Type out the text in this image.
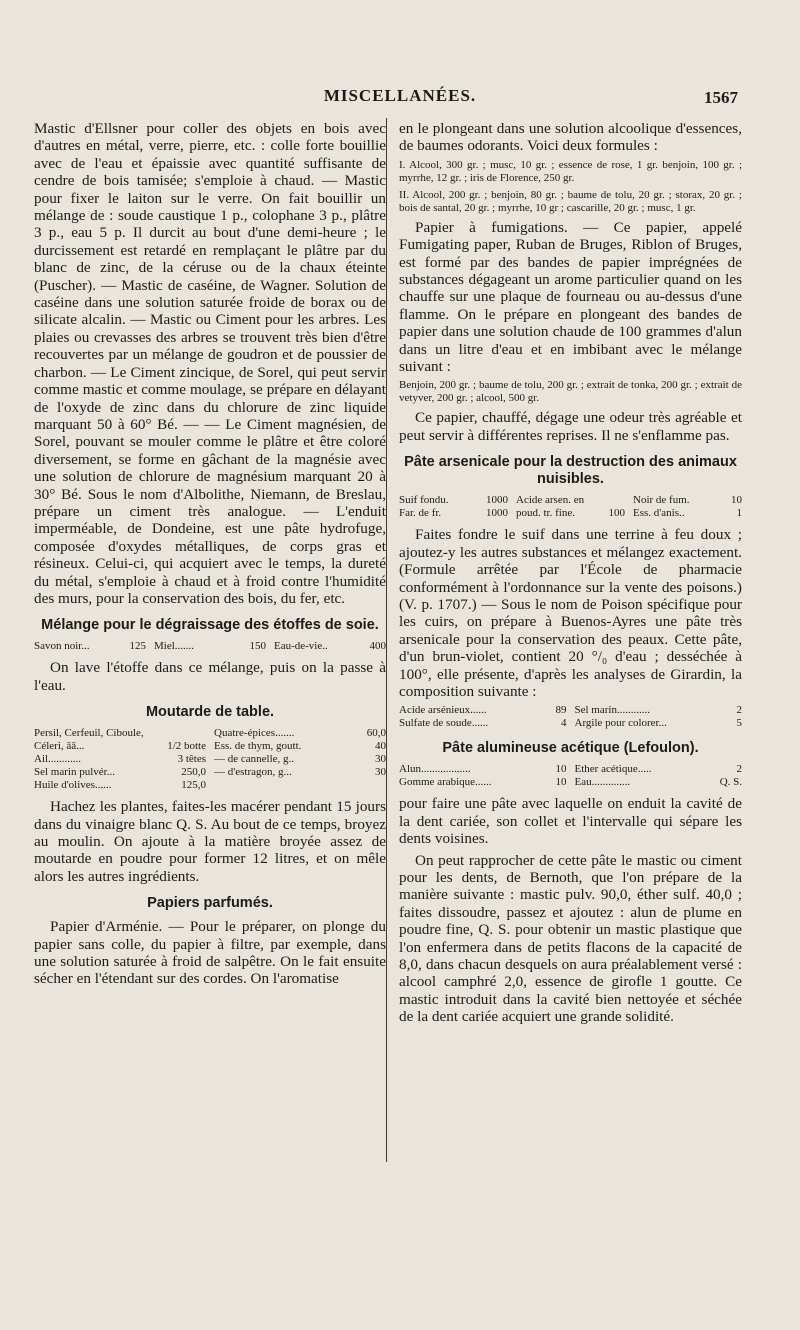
MISCELLANÉES.	1567

Mastic d'Ellsner pour coller des objets en bois avec d'autres en métal, verre, pierre, etc. : colle forte bouillie avec de l'eau et épaissie avec quantité suffisante de cendre de bois tamisée; s'emploie à chaud. — Mastic pour fixer le laiton sur le verre. On fait bouillir un mélange de : soude caustique 1 p., colophane 3 p., plâtre 3 p., eau 5 p. Il durcit au bout d'une demi-heure ; le durcissement est retardé en remplaçant le plâtre par du blanc de zinc, de la céruse ou de la chaux éteinte (Puscher). — Mastic de caséine, de Wagner. Solution de caséine dans une solution saturée froide de borax ou de silicate alcalin. — Mastic ou Ciment pour les arbres. Les plaies ou crevasses des arbres se trouvent très bien d'être recouvertes par un mélange de goudron et de poussier de charbon. — Le Ciment zincique, de Sorel, qui peut servir comme mastic et comme moulage, se prépare en délayant de l'oxyde de zinc dans du chlorure de zinc liquide marquant 50 à 60° Bé. — — Le Ciment magnésien, de Sorel, pouvant se mouler comme le plâtre et être coloré diversement, se forme en gâchant de la magnésie avec une solution de chlorure de magnésium marquant 20 à 30° Bé. Sous le nom d'Albolithe, Niemann, de Breslau, prépare un ciment très analogue. — L'enduit imperméable, de Dondeine, est une pâte hydrofuge, composée d'oxydes métalliques, de corps gras et résineux. Celui-ci, qui acquiert avec le temps, la dureté du métal, s'emploie à chaud et à froid contre l'humidité des murs, pour la conservation des bois, du fer, etc.

Mélange pour le dégraissage des étoffes de soie.
Savon noir...	125 Miel.......	150 Eau-de-vie..	400

On lave l'étoffe dans ce mélange, puis on la passe à l'eau.

Moutarde de table.
Persil, Cerfeuil, Ciboule,	Quatre-épices.......	60,0
Céleri, āā...	1/2 botte Ess. de thym, goutt.	40
Ail............	3 têtes — de cannelle, g..	30
Sel marin pulvér...	250,0 — d'estragon, g...	30
Huile d'olives......	125,0

Hachez les plantes, faites-les macérer pendant 15 jours dans du vinaigre blanc Q. S. Au bout de ce temps, broyez au moulin. On ajoute à la matière broyée assez de moutarde en poudre pour former 12 litres, et on mêle alors les autres ingrédients.

Papiers parfumés.

Papier d'Arménie. — Pour le préparer, on plonge du papier sans colle, du papier à filtre, par exemple, dans une solution saturée à froid de salpêtre. On le fait ensuite sécher en l'étendant sur des cordes. On l'aromatise

en le plongeant dans une solution alcoolique d'essences, de baumes odorants. Voici deux formules :

I. Alcool, 300 gr. ; musc, 10 gr. ; essence de rose, 1 gr. benjoin, 100 gr. ; myrrhe, 12 gr. ; iris de Florence, 250 gr.

II. Alcool, 200 gr. ; benjoin, 80 gr. ; baume de tolu, 20 gr. ; storax, 20 gr. ; bois de santal, 20 gr. ; myrrhe, 10 gr ; cascarille, 20 gr. ; musc, 1 gr.

Papier à fumigations. — Ce papier, appelé Fumigating paper, Ruban de Bruges, Riblon of Bruges, est formé par des bandes de papier imprégnées de substances dégageant un arome particulier quand on les chauffe sur une plaque de fourneau ou au-dessus d'une flamme. On le prépare en plongeant des bandes de papier dans une solution chaude de 100 grammes d'alun dans un litre d'eau et en imbibant avec le mélange suivant :

Benjoin, 200 gr. ; baume de tolu, 200 gr. ; extrait de tonka, 200 gr. ; extrait de vetyver, 200 gr. ; alcool, 500 gr.

Ce papier, chauffé, dégage une odeur très agréable et peut servir à différentes reprises. Il ne s'enflamme pas.

Pâte arsenicale pour la destruction des animaux nuisibles.
Suif fondu.	1000 Acide arsen. en	Noir de fum.	10
Far. de fr.	1000 poud. tr. fine.	100 Ess. d'anis..	1

Faites fondre le suif dans une terrine à feu doux ; ajoutez-y les autres substances et mélangez exactement. (Formule arrêtée par l'École de pharmacie conformément à l'ordonnance sur la vente des poisons.) (V. p. 1707.) — Sous le nom de Poison spécifique pour les cuirs, on prépare à Buenos-Ayres une pâte très arsenicale pour la conservation des peaux. Cette pâte, d'un brun-violet, contient 20 °/₀ d'eau ; desséchée à 100°, elle présente, d'après les analyses de Girardin, la composition suivante :

Acide arsénieux......	89 Sel marin............	2
Sulfate de soude......	4 Argile pour colorer...	5
Pâte alumineuse acétique (Lefoulon).
Alun..................	10 Ether acétique.....	2
Gomme arabique......	10 Eau..............	Q. S.

pour faire une pâte avec laquelle on enduit la cavité de la dent cariée, son collet et l'intervalle qui sépare les dents voisines.

On peut rapprocher de cette pâte le mastic ou ciment pour les dents, de Bernoth, que l'on prépare de la manière suivante : mastic pulv. 90,0, éther sulf. 40,0 ; faites dissoudre, passez et ajoutez : alun de plume en poudre fine, Q. S. pour obtenir un mastic plastique que l'on enfermera dans de petits flacons de la capacité de 8,0, dans chacun desquels on aura préalablement versé : alcool camphré 2,0, essence de girofle 1 goutte. Ce mastic introduit dans la cavité bien nettoyée et séchée de la dent cariée acquiert une grande solidité.
